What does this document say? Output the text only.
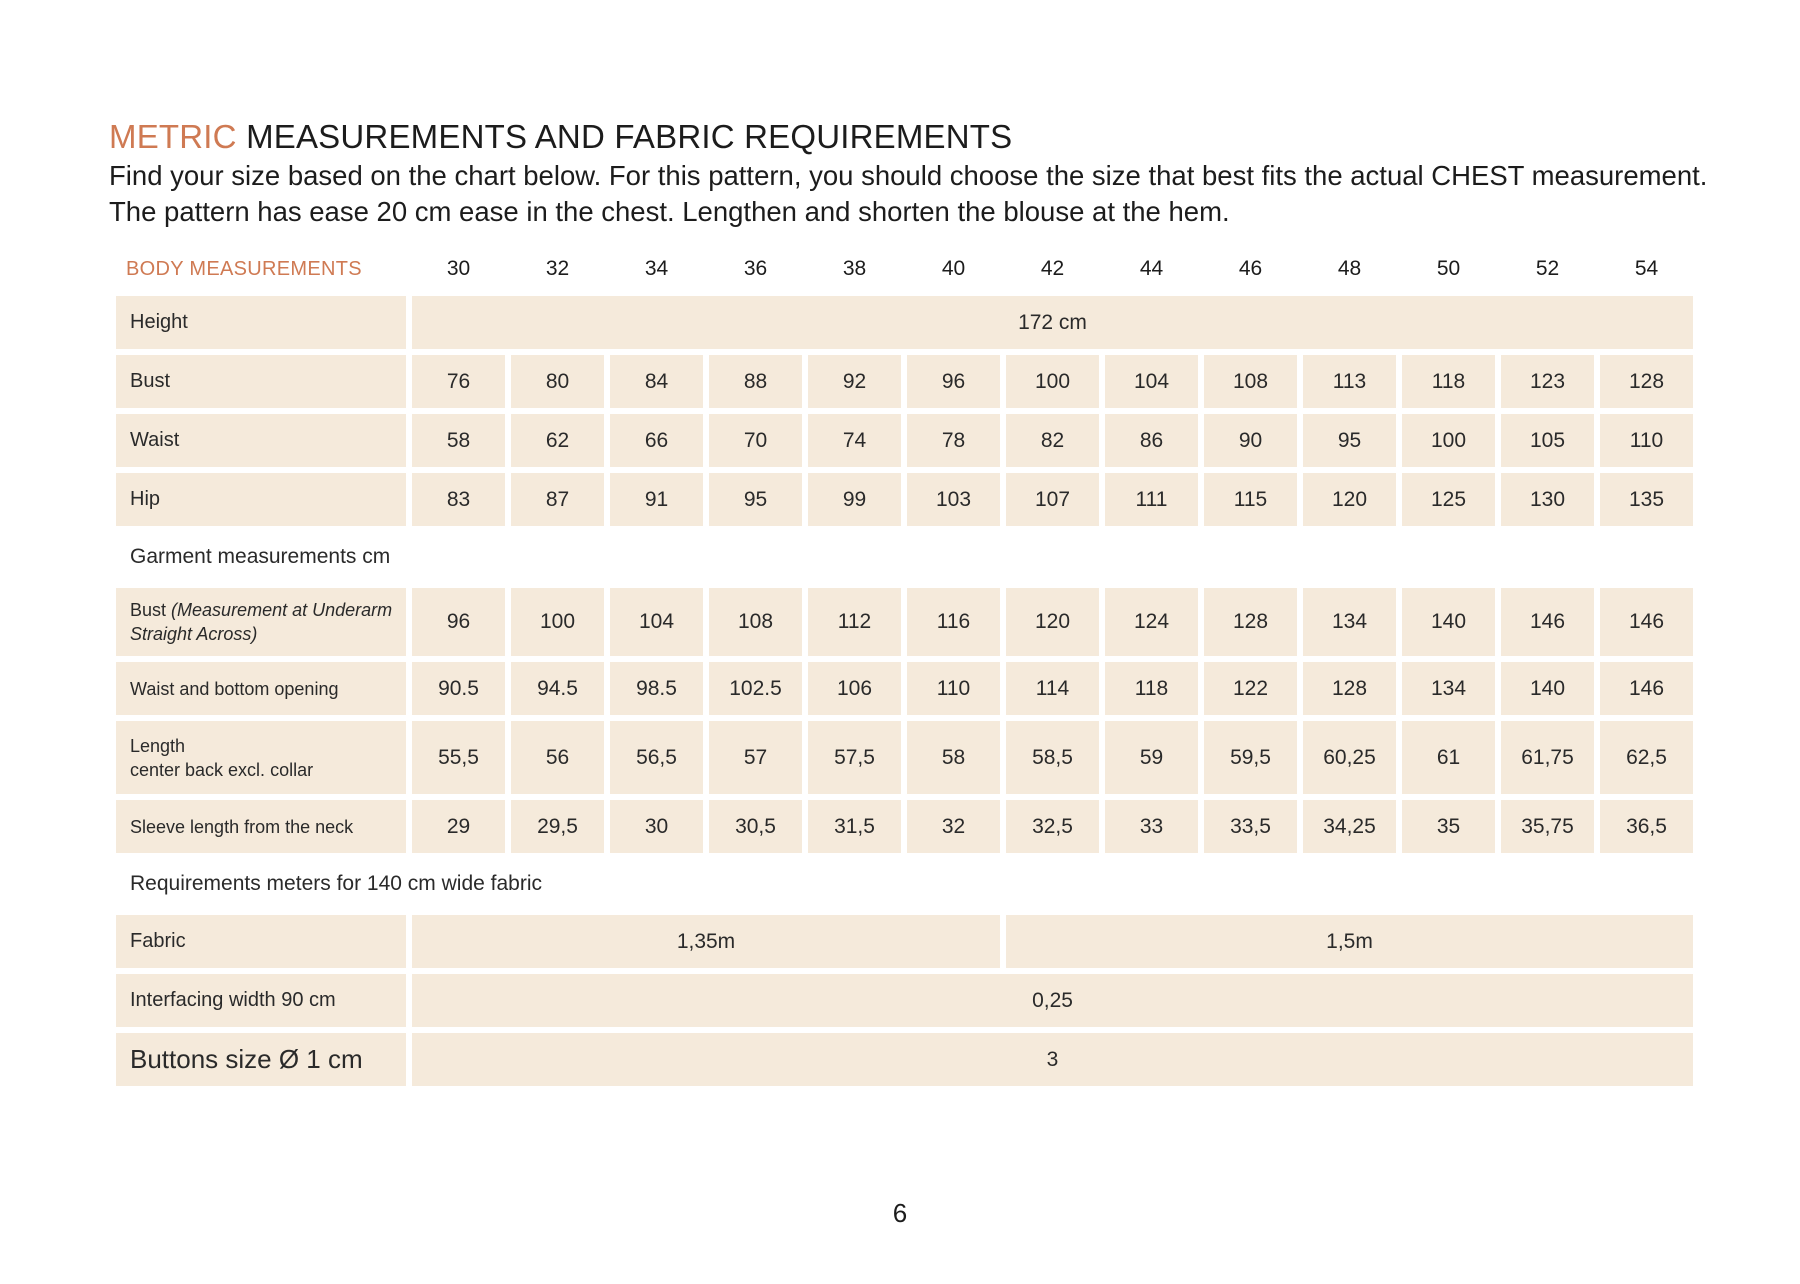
METRIC MEASUREMENTS AND FABRIC REQUIREMENTS

Find your size based on the chart below. For this pattern, you should choose the size that best fits the actual CHEST measurement. The pattern has ease 20 cm ease in the chest. Lengthen and shorten the blouse at the hem.

BODY MEASUREMENTS	30	32	34	36	38	40	42	44	46	48	50	52	54
Height	172 cm												
Bust	76	80	84	88	92	96	100	104	108	113	118	123	128
Waist	58	62	66	70	74	78	82	86	90	95	100	105	110
Hip	83	87	91	95	99	103	107	111	115	120	125	130	135
Garment measurements cm													
Bust (Measurement at Underarm Straight Across)	96	100	104	108	112	116	120	124	128	134	140	146	146
Waist and bottom opening	90.5	94.5	98.5	102.5	106	110	114	118	122	128	134	140	146

Length
center back excl. collar	55,5	56	56,5	57	57,5	58	58,5	59	59,5	60,25	61	61,75	62,5
Sleeve length from the neck	29	29,5	30	30,5	31,5	32	32,5	33	33,5	34,25	35	35,75	36,5
Requirements meters for 140 cm wide fabric													
Fabric	1,35m						1,5m						
Interfacing width 90 cm	0,25												
Buttons size Ø 1 cm	3												
6
